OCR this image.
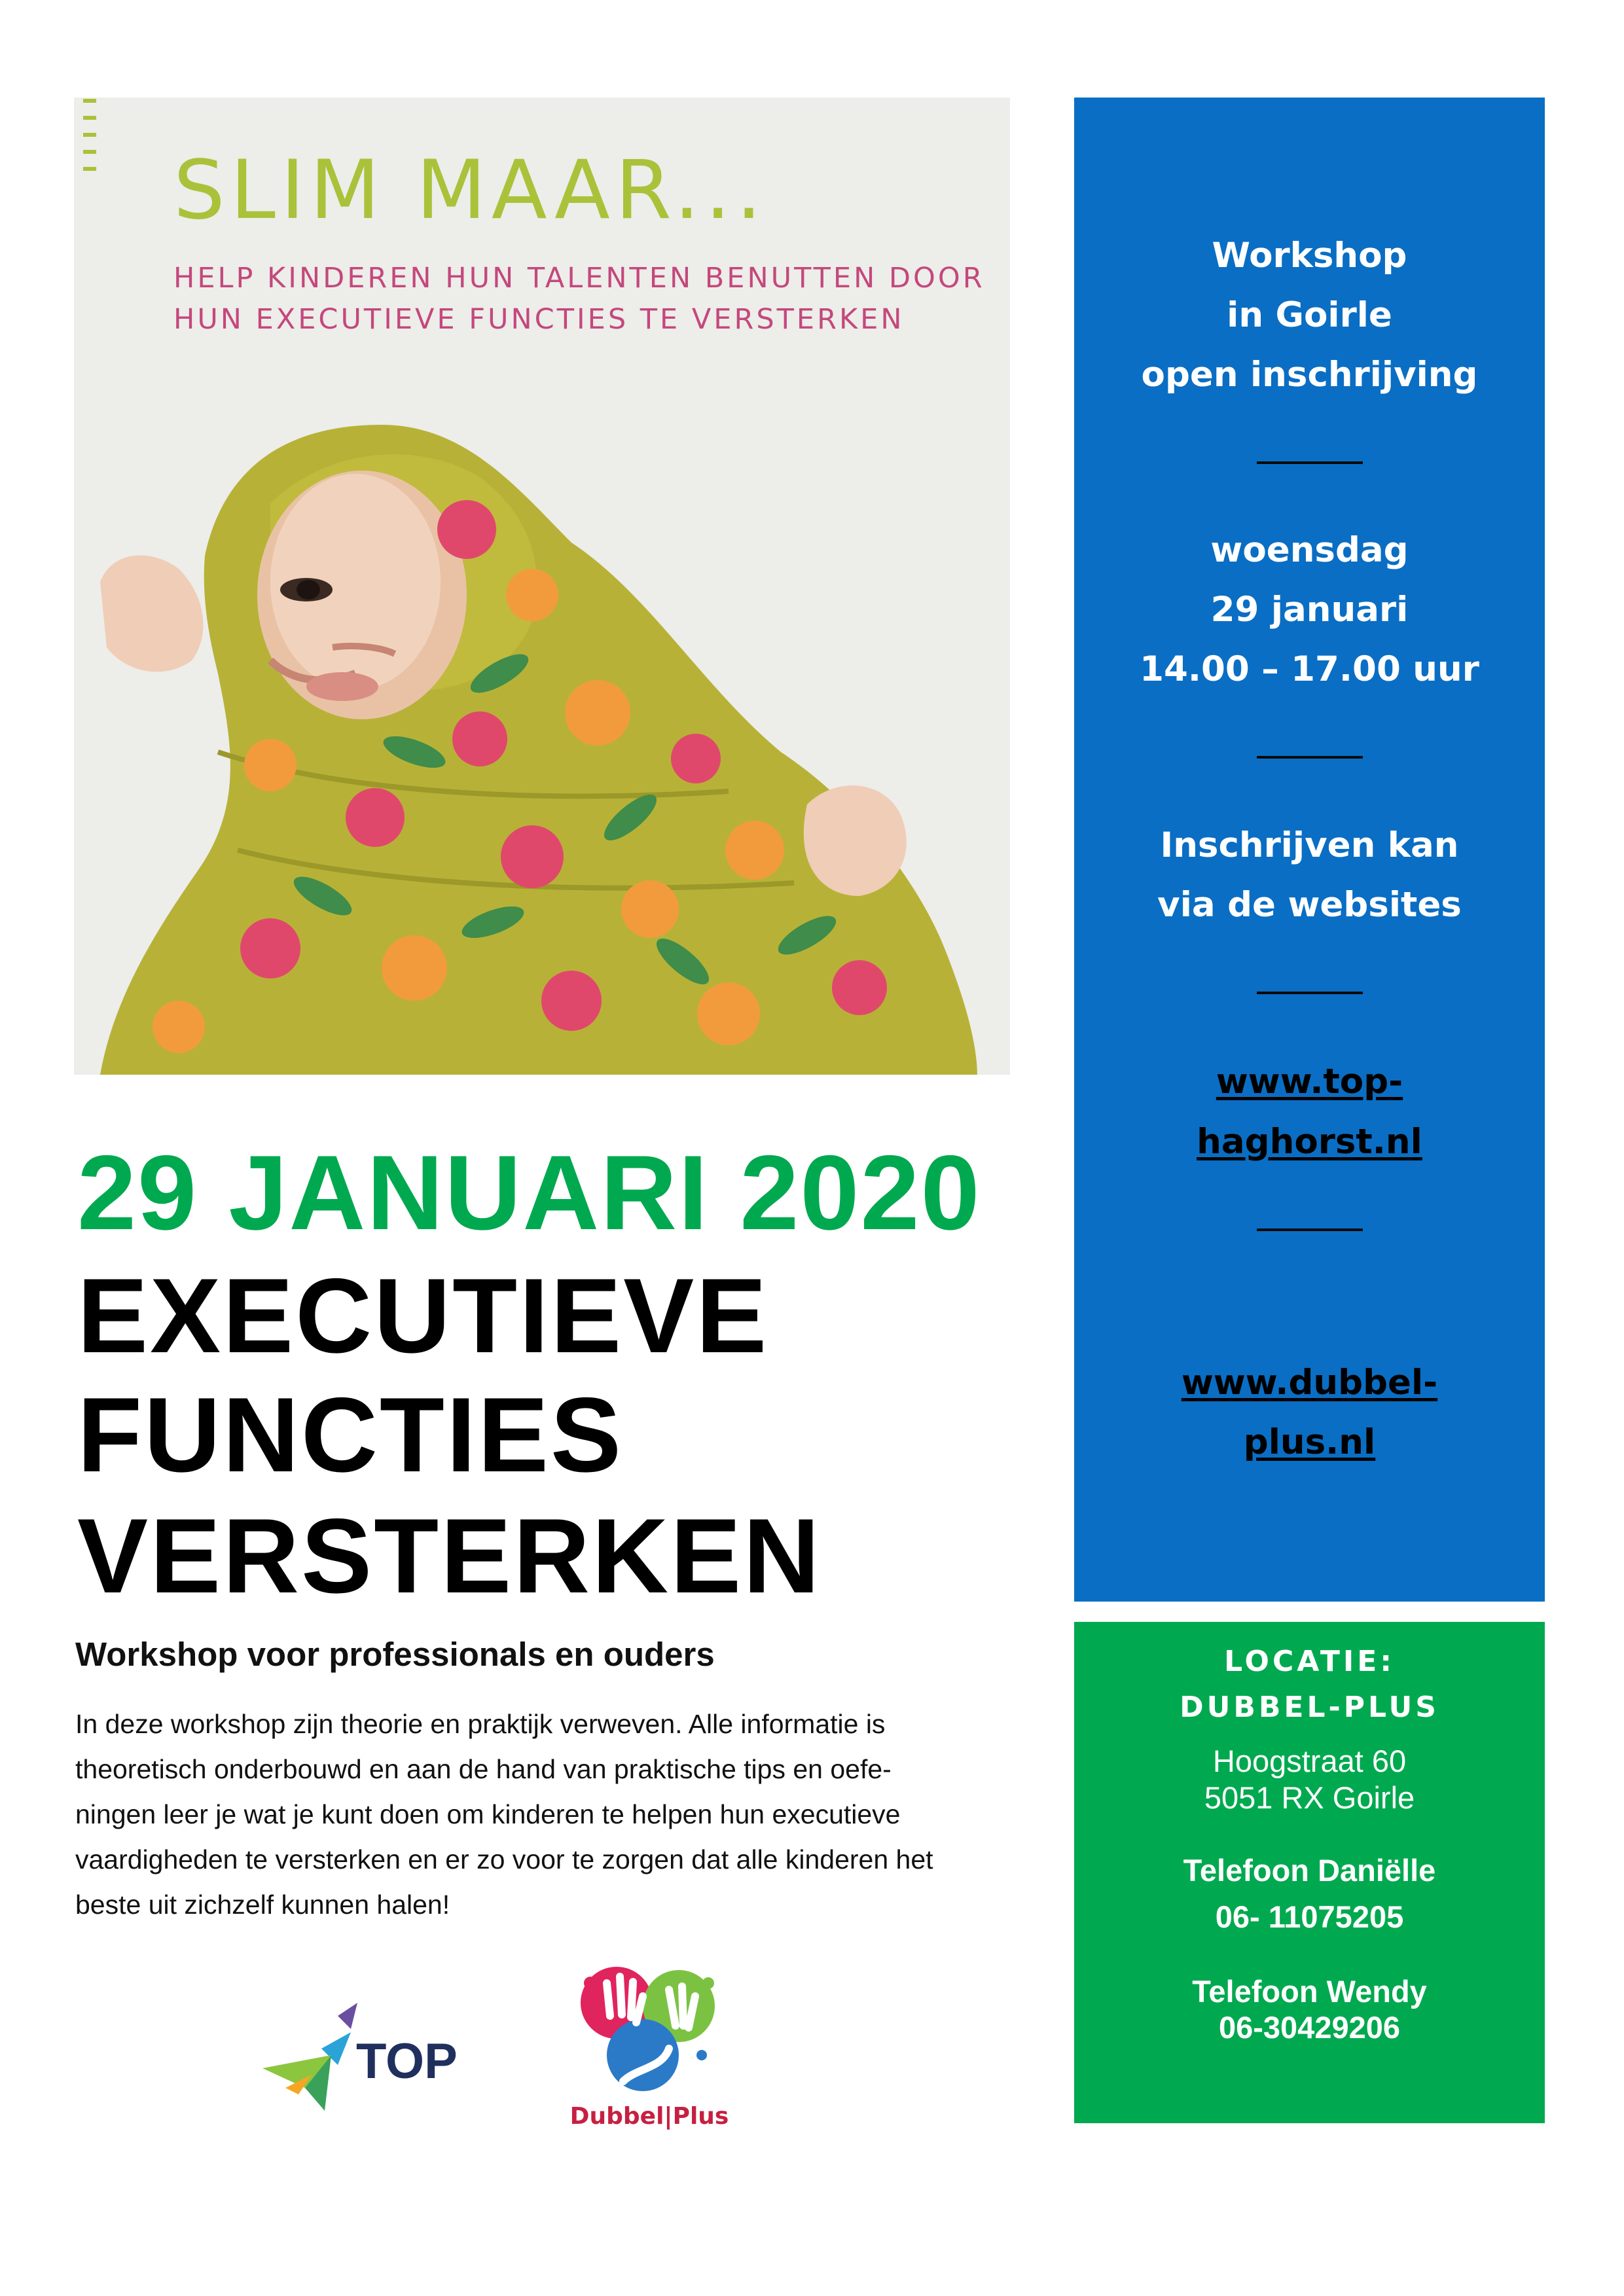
SLIM MAAR...
HELP KINDEREN HUN TALENTEN BENUTTEN DOOR
HUN EXECUTIEVE FUNCTIES TE VERSTERKEN
29 JANUARI 2020
EXECUTIEVE
FUNCTIES
VERSTERKEN
Workshop voor professionals en ouders

In deze workshop zijn theorie en praktijk verweven. Alle informatie is
theoretisch onderbouwd en aan de hand van praktische tips en oefe-
ningen leer je wat je kunt doen om kinderen te helpen hun executieve
vaardigheden te versterken en er zo voor te zorgen dat alle kinderen het
beste uit zichzelf kunnen halen!

TOP
Dubbel|Plus
Workshop
in Goirle
open inschrijving
woensdag
29 januari
14.00 – 17.00 uur
Inschrijven kan
via de websites
www.top-
haghorst.nl
www.dubbel-
plus.nl
LOCATIE:
DUBBEL-PLUS
Hoogstraat 60
5051 RX Goirle
Telefoon Daniëlle
06- 11075205
Telefoon Wendy
06-30429206
